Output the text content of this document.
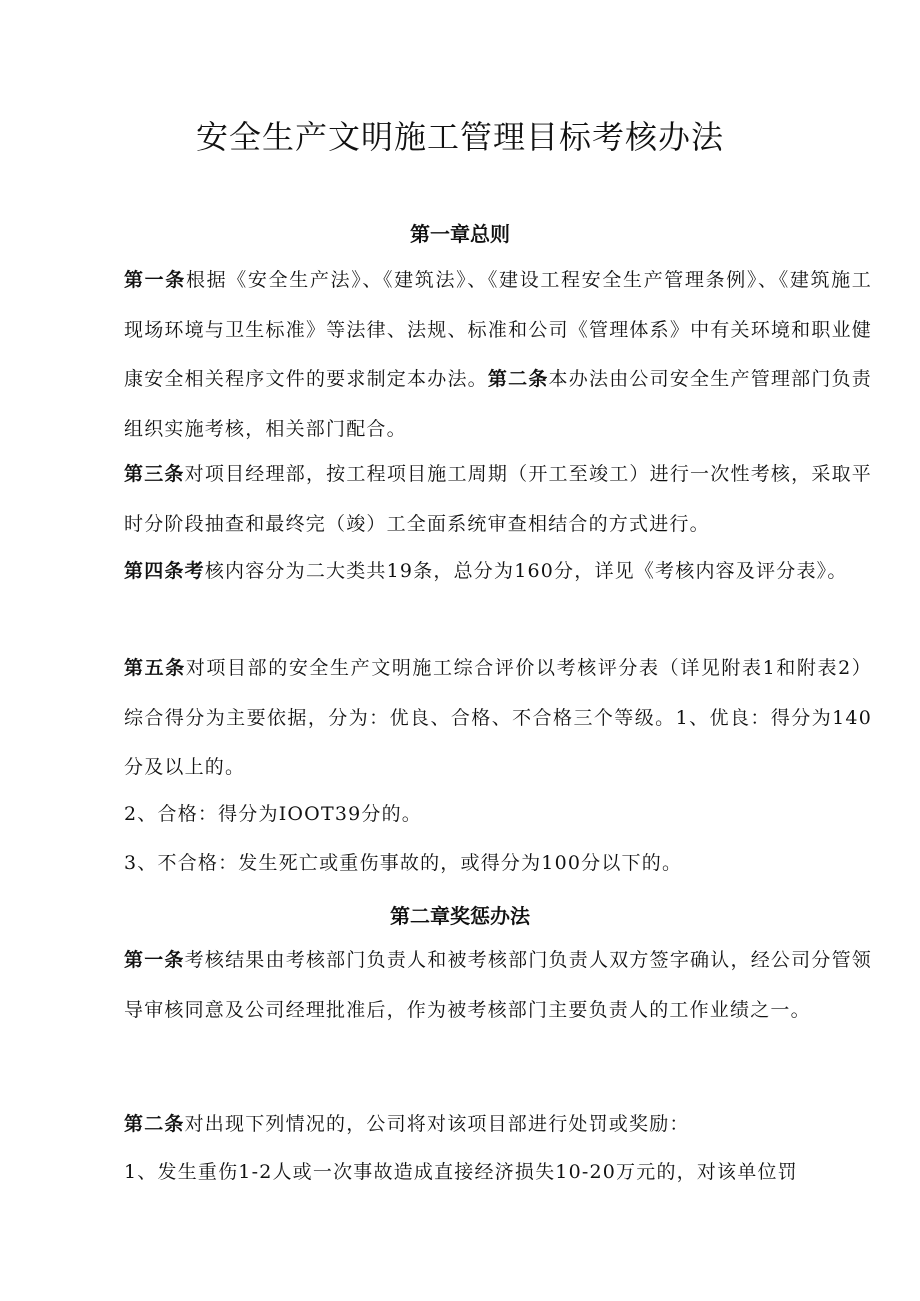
安全生产文明施工管理目标考核办法
第一章总则

第一条根据《安全生产法》、《建筑法》、《建设工程安全生产管理条例》、《建筑施工现场环境与卫生标准》等法律、法规、标准和公司《管理体系》中有关环境和职业健康安全相关程序文件的要求制定本办法。第二条本办法由公司安全生产管理部门负责组织实施考核，相关部门配合。

第三条对项目经理部，按工程项目施工周期（开工至竣工）进行一次性考核，采取平时分阶段抽查和最终完（竣）工全面系统审查相结合的方式进行。

第四条考核内容分为二大类共19条，总分为160分，详见《考核内容及评分表》。

第五条对项目部的安全生产文明施工综合评价以考核评分表（详见附表1和附表2）综合得分为主要依据，分为：优良、合格、不合格三个等级。1、优良：得分为140分及以上的。

2、合格：得分为IOOT39分的。

3、不合格：发生死亡或重伤事故的，或得分为100分以下的。

第二章奖惩办法

第一条考核结果由考核部门负责人和被考核部门负责人双方签字确认，经公司分管领导审核同意及公司经理批准后，作为被考核部门主要负责人的工作业绩之一。

第二条对出现下列情况的，公司将对该项目部进行处罚或奖励：

1、发生重伤1-2人或一次事故造成直接经济损失10-20万元的，对该单位罚
